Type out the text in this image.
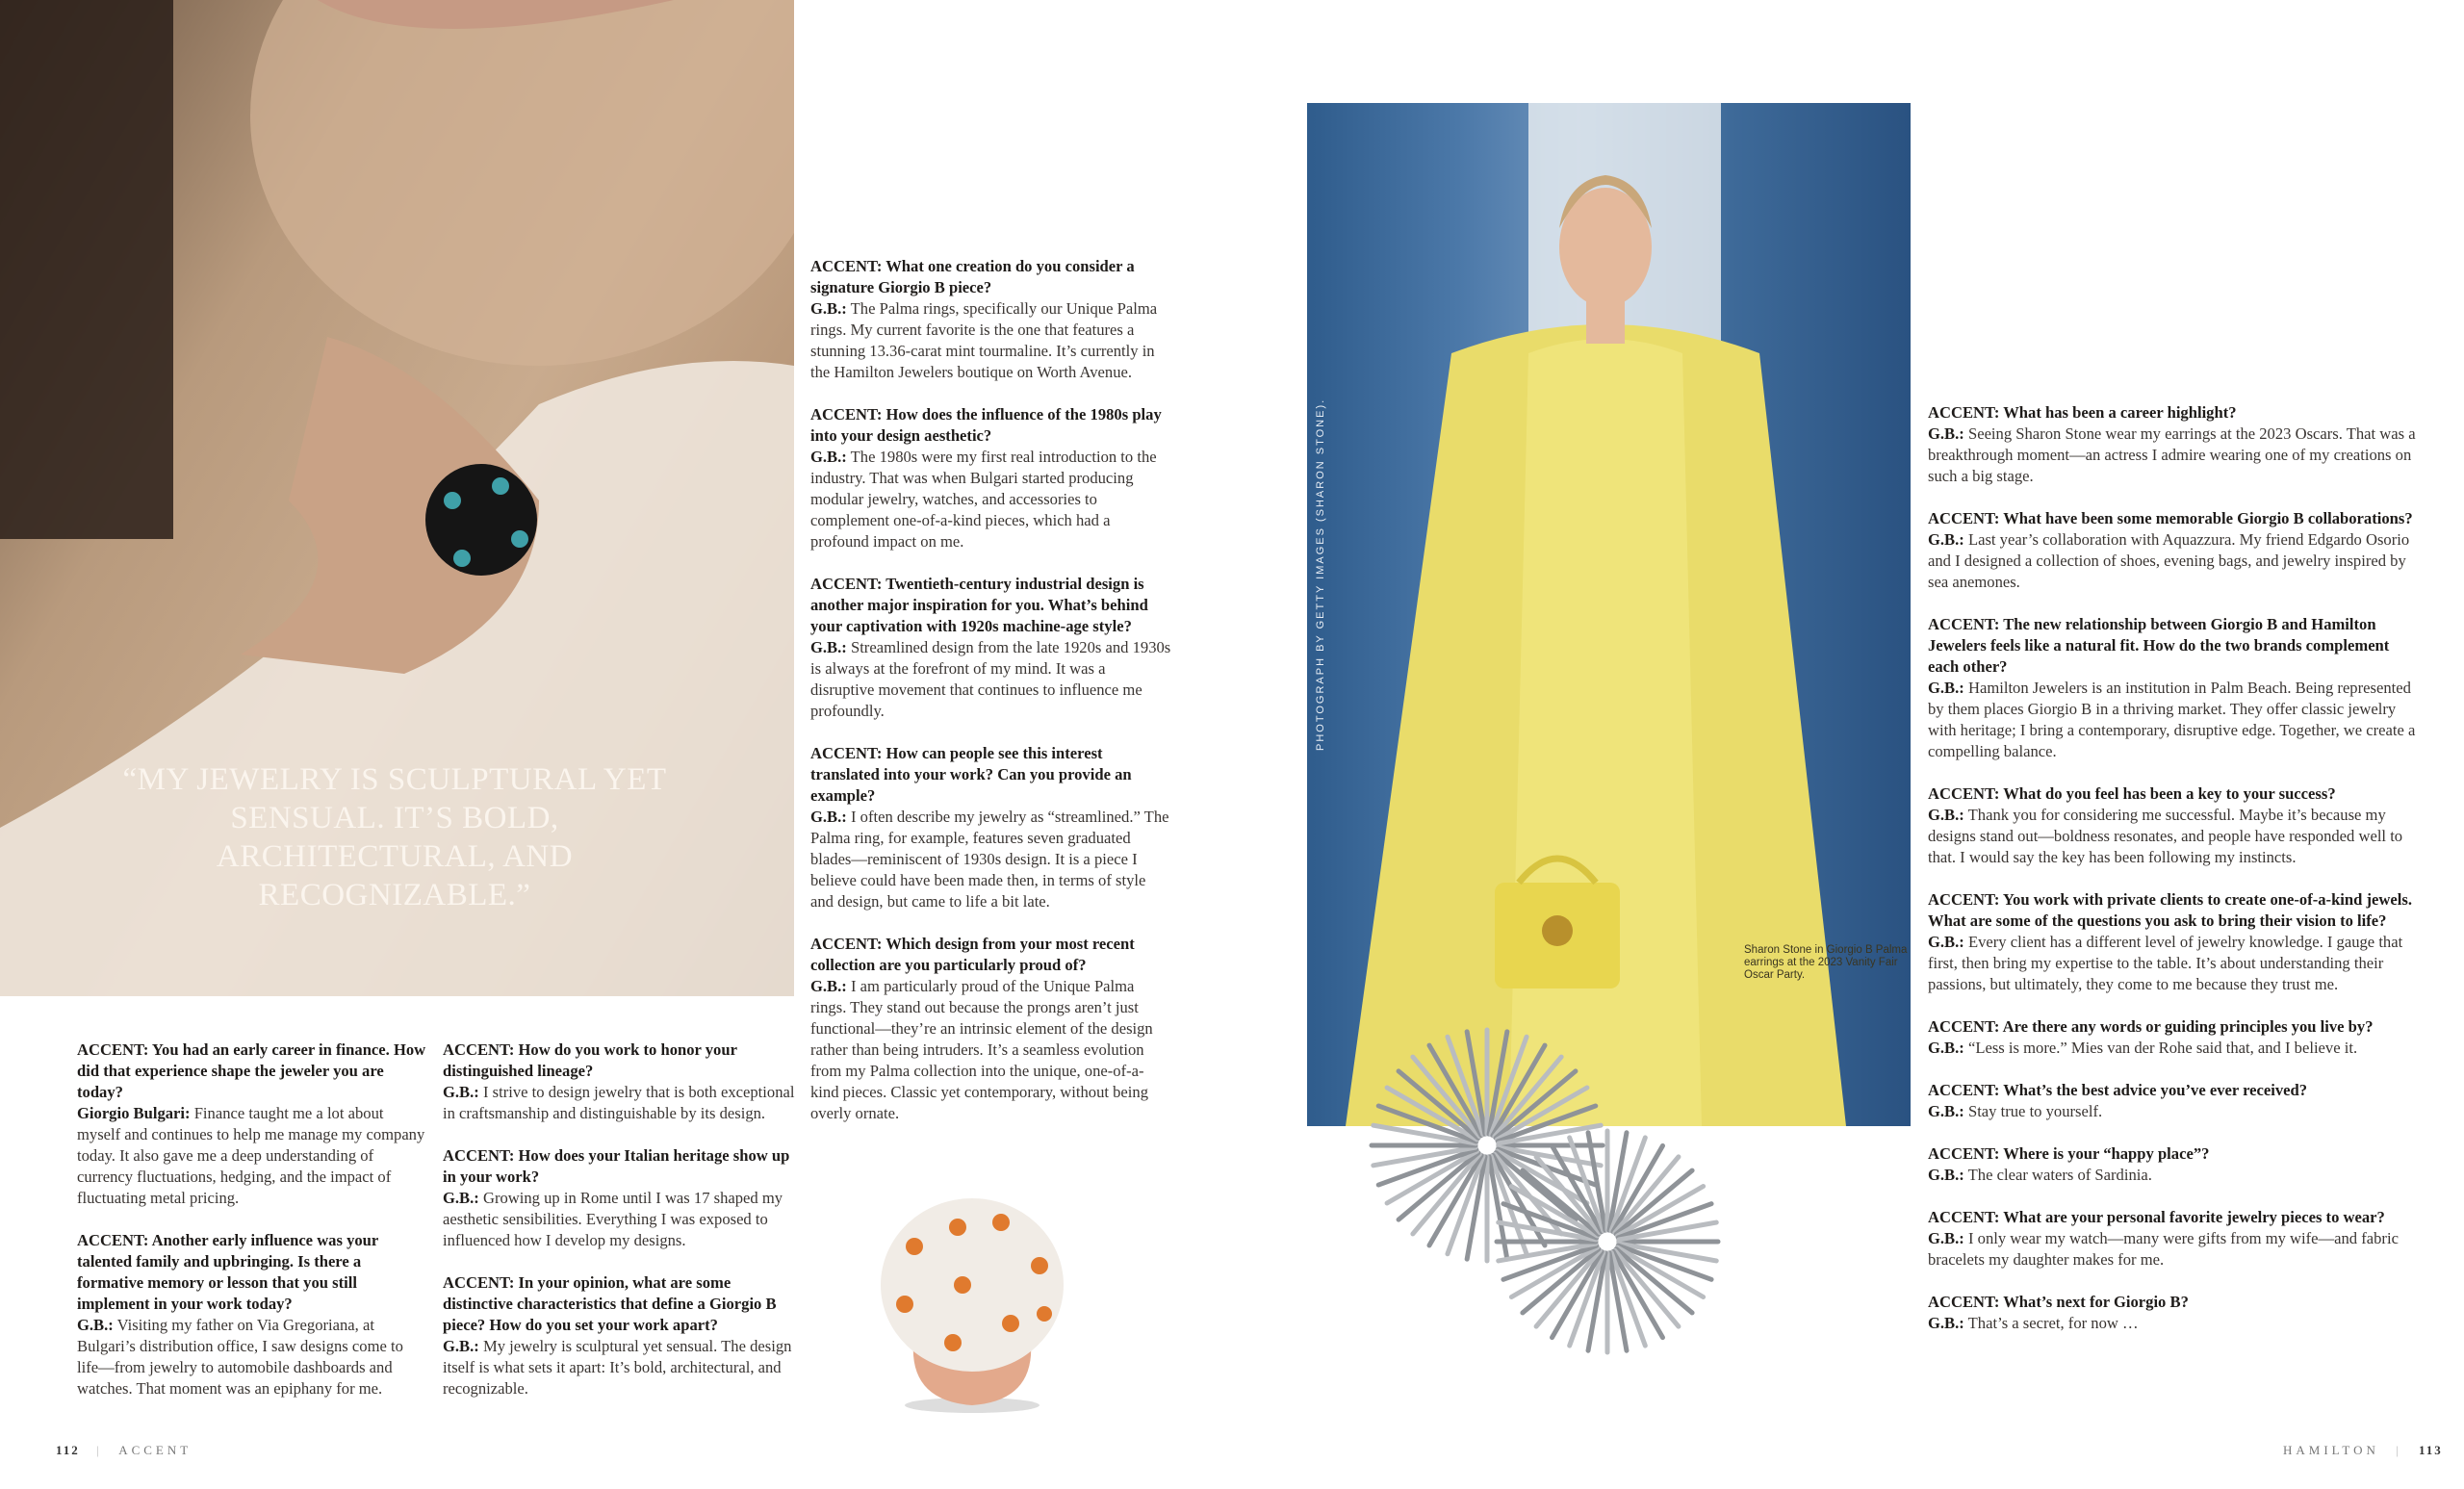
“MY JEWELRY IS SCULPTURAL YET SENSUAL. IT’S BOLD, ARCHITECTURAL, AND RECOGNIZABLE.”
ACCENT: You had an early career in finance. How did that experience shape the jeweler you are today?
Giorgio Bulgari: Finance taught me a lot about myself and continues to help me manage my company today. It also gave me a deep understanding of currency fluctuations, hedging, and the impact of fluctuating metal pricing.
ACCENT: Another early influence was your talented family and upbringing. Is there a formative memory or lesson that you still implement in your work today?
G.B.: Visiting my father on Via Gregoriana, at Bulgari’s distribution office, I saw designs come to life—from jewelry to automobile dashboards and watches. That moment was an epiphany for me.
ACCENT: How do you work to honor your distinguished lineage?
G.B.: I strive to design jewelry that is both exceptional in craftsmanship and distinguishable by its design.
ACCENT: How does your Italian heritage show up in your work?
G.B.: Growing up in Rome until I was 17 shaped my aesthetic sensibilities. Everything I was exposed to influenced how I develop my designs.
ACCENT: In your opinion, what are some distinctive characteristics that define a Giorgio B piece? How do you set your work apart?
G.B.: My jewelry is sculptural yet sensual. The design itself is what sets it apart: It’s bold, architectural, and recognizable.
ACCENT: What one creation do you consider a signature Giorgio B piece?
G.B.: The Palma rings, specifically our Unique Palma rings. My current favorite is the one that features a stunning 13.36-carat mint tourmaline. It’s currently in the Hamilton Jewelers boutique on Worth Avenue.
ACCENT: How does the influence of the 1980s play into your design aesthetic?
G.B.: The 1980s were my first real introduction to the industry. That was when Bulgari started producing modular jewelry, watches, and accessories to complement one-of-a-kind pieces, which had a profound impact on me.
ACCENT: Twentieth-century industrial design is another major inspiration for you. What’s behind your captivation with 1920s machine-age style?
G.B.: Streamlined design from the late 1920s and 1930s is always at the forefront of my mind. It was a disruptive movement that continues to influence me profoundly.
ACCENT: How can people see this interest translated into your work? Can you provide an example?
G.B.: I often describe my jewelry as “streamlined.” The Palma ring, for example, features seven graduated blades—reminiscent of 1930s design. It is a piece I believe could have been made then, in terms of style and design, but came to life a bit late.
ACCENT: Which design from your most recent collection are you particularly proud of?
G.B.: I am particularly proud of the Unique Palma rings. They stand out because the prongs aren’t just functional—they’re an intrinsic element of the design rather than being intruders. It’s a seamless evolution from my Palma collection into the unique, one-of-a-kind pieces. Classic yet contemporary, without being overly ornate.
Sharon Stone in Giorgio B Palma earrings at the 2023 Vanity Fair Oscar Party.
PHOTOGRAPH BY GETTY IMAGES (SHARON STONE).	ACCENT: What has been a career highlight?
G.B.: Seeing Sharon Stone wear my earrings at the 2023 Oscars. That was a breakthrough moment—an actress I admire wearing one of my creations on such a big stage.
ACCENT: What have been some memorable Giorgio B collaborations?
G.B.: Last year’s collaboration with Aquazzura. My friend Edgardo Osorio and I designed a collection of shoes, evening bags, and jewelry inspired by sea anemones.
ACCENT: The new relationship between Giorgio B and Hamilton Jewelers feels like a natural fit. How do the two brands complement each other?
G.B.: Hamilton Jewelers is an institution in Palm Beach. Being represented by them places Giorgio B in a thriving market. They offer classic jewelry with heritage; I bring a contemporary, disruptive edge. Together, we create a compelling balance.
ACCENT: What do you feel has been a key to your success?
G.B.: Thank you for considering me successful. Maybe it’s because my designs stand out—boldness resonates, and people have responded well to that. I would say the key has been following my instincts.
ACCENT: You work with private clients to create one-of-a-kind jewels. What are some of the questions you ask to bring their vision to life?
G.B.: Every client has a different level of jewelry knowledge. I gauge that first, then bring my expertise to the table. It’s about understanding their passions, but ultimately, they come to me because they trust me.
ACCENT: Are there any words or guiding principles you live by?
G.B.: “Less is more.” Mies van der Rohe said that, and I believe it.
ACCENT: What’s the best advice you’ve ever received?
G.B.: Stay true to yourself.
ACCENT: Where is your “happy place”?
G.B.: The clear waters of Sardinia.
ACCENT: What are your personal favorite jewelry pieces to wear?
G.B.: I only wear my watch—many were gifts from my wife—and fabric bracelets my daughter makes for me.
ACCENT: What’s next for Giorgio B?
G.B.: That’s a secret, for now …
112 | ACCENT	HAMILTON | 113
